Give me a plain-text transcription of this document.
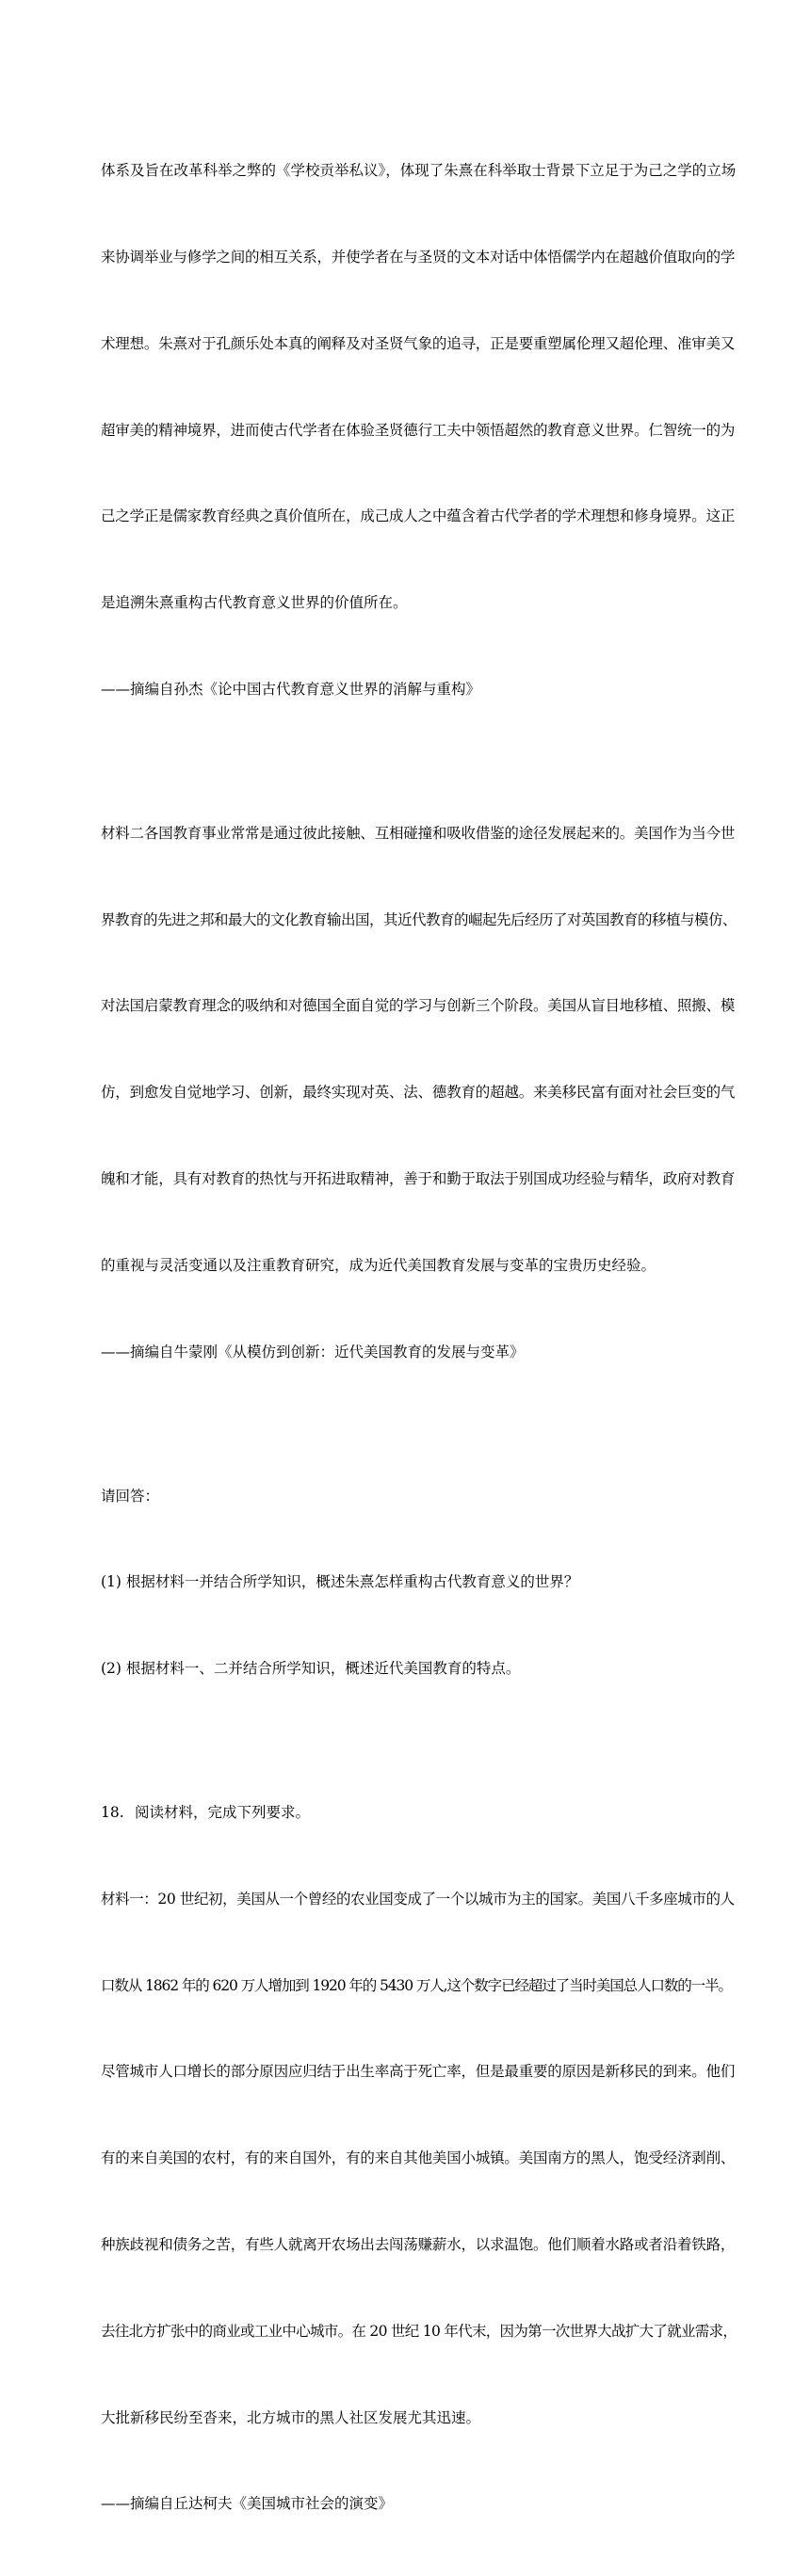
体系及旨在改革科举之弊的《学校贡举私议》，体现了朱熹在科举取士背景下立足于为己之学的立场

来协调举业与修学之间的相互关系，并使学者在与圣贤的文本对话中体悟儒学内在超越价值取向的学

术理想。朱熹对于孔颜乐处本真的阐释及对圣贤气象的追寻，正是要重塑属伦理又超伦理、准审美又

超审美的精神境界，进而使古代学者在体验圣贤德行工夫中领悟超然的教育意义世界。仁智统一的为

己之学正是儒家教育经典之真价值所在，成己成人之中蕴含着古代学者的学术理想和修身境界。这正

是追溯朱熹重构古代教育意义世界的价值所在。

——摘编自孙杰《论中国古代教育意义世界的消解与重构》

材料二各国教育事业常常是通过彼此接触、互相碰撞和吸收借鉴的途径发展起来的。美国作为当今世

界教育的先进之邦和最大的文化教育输出国，其近代教育的崛起先后经历了对英国教育的移植与模仿、

对法国启蒙教育理念的吸纳和对德国全面自觉的学习与创新三个阶段。美国从盲目地移植、照搬、模

仿，到愈发自觉地学习、创新，最终实现对英、法、德教育的超越。来美移民富有面对社会巨变的气

魄和才能，具有对教育的热忱与开拓进取精神，善于和勤于取法于别国成功经验与精华，政府对教育

的重视与灵活变通以及注重教育研究，成为近代美国教育发展与变革的宝贵历史经验。

——摘编自牛蒙刚《从模仿到创新：近代美国教育的发展与变革》

请回答：

(1) 根据材料一并结合所学知识，概述朱熹怎样重构古代教育意义的世界？

(2) 根据材料一、二并结合所学知识，概述近代美国教育的特点。

18. 阅读材料，完成下列要求。

材料一：20 世纪初，美国从一个曾经的农业国变成了一个以城市为主的国家。美国八千多座城市的人

口数从 1862 年的 620 万人增加到 1920 年的 5430 万人,这个数字已经超过了当时美国总人口数的一半。

尽管城市人口增长的部分原因应归结于出生率高于死亡率，但是最重要的原因是新移民的到来。他们

有的来自美国的农村，有的来自国外，有的来自其他美国小城镇。美国南方的黑人，饱受经济剥削、

种族歧视和债务之苦，有些人就离开农场出去闯荡赚薪水，以求温饱。他们顺着水路或者沿着铁路，

去往北方扩张中的商业或工业中心城市。在 20 世纪 10 年代末，因为第一次世界大战扩大了就业需求，

大批新移民纷至沓来，北方城市的黑人社区发展尤其迅速。

——摘编自丘达柯夫《美国城市社会的演变》
